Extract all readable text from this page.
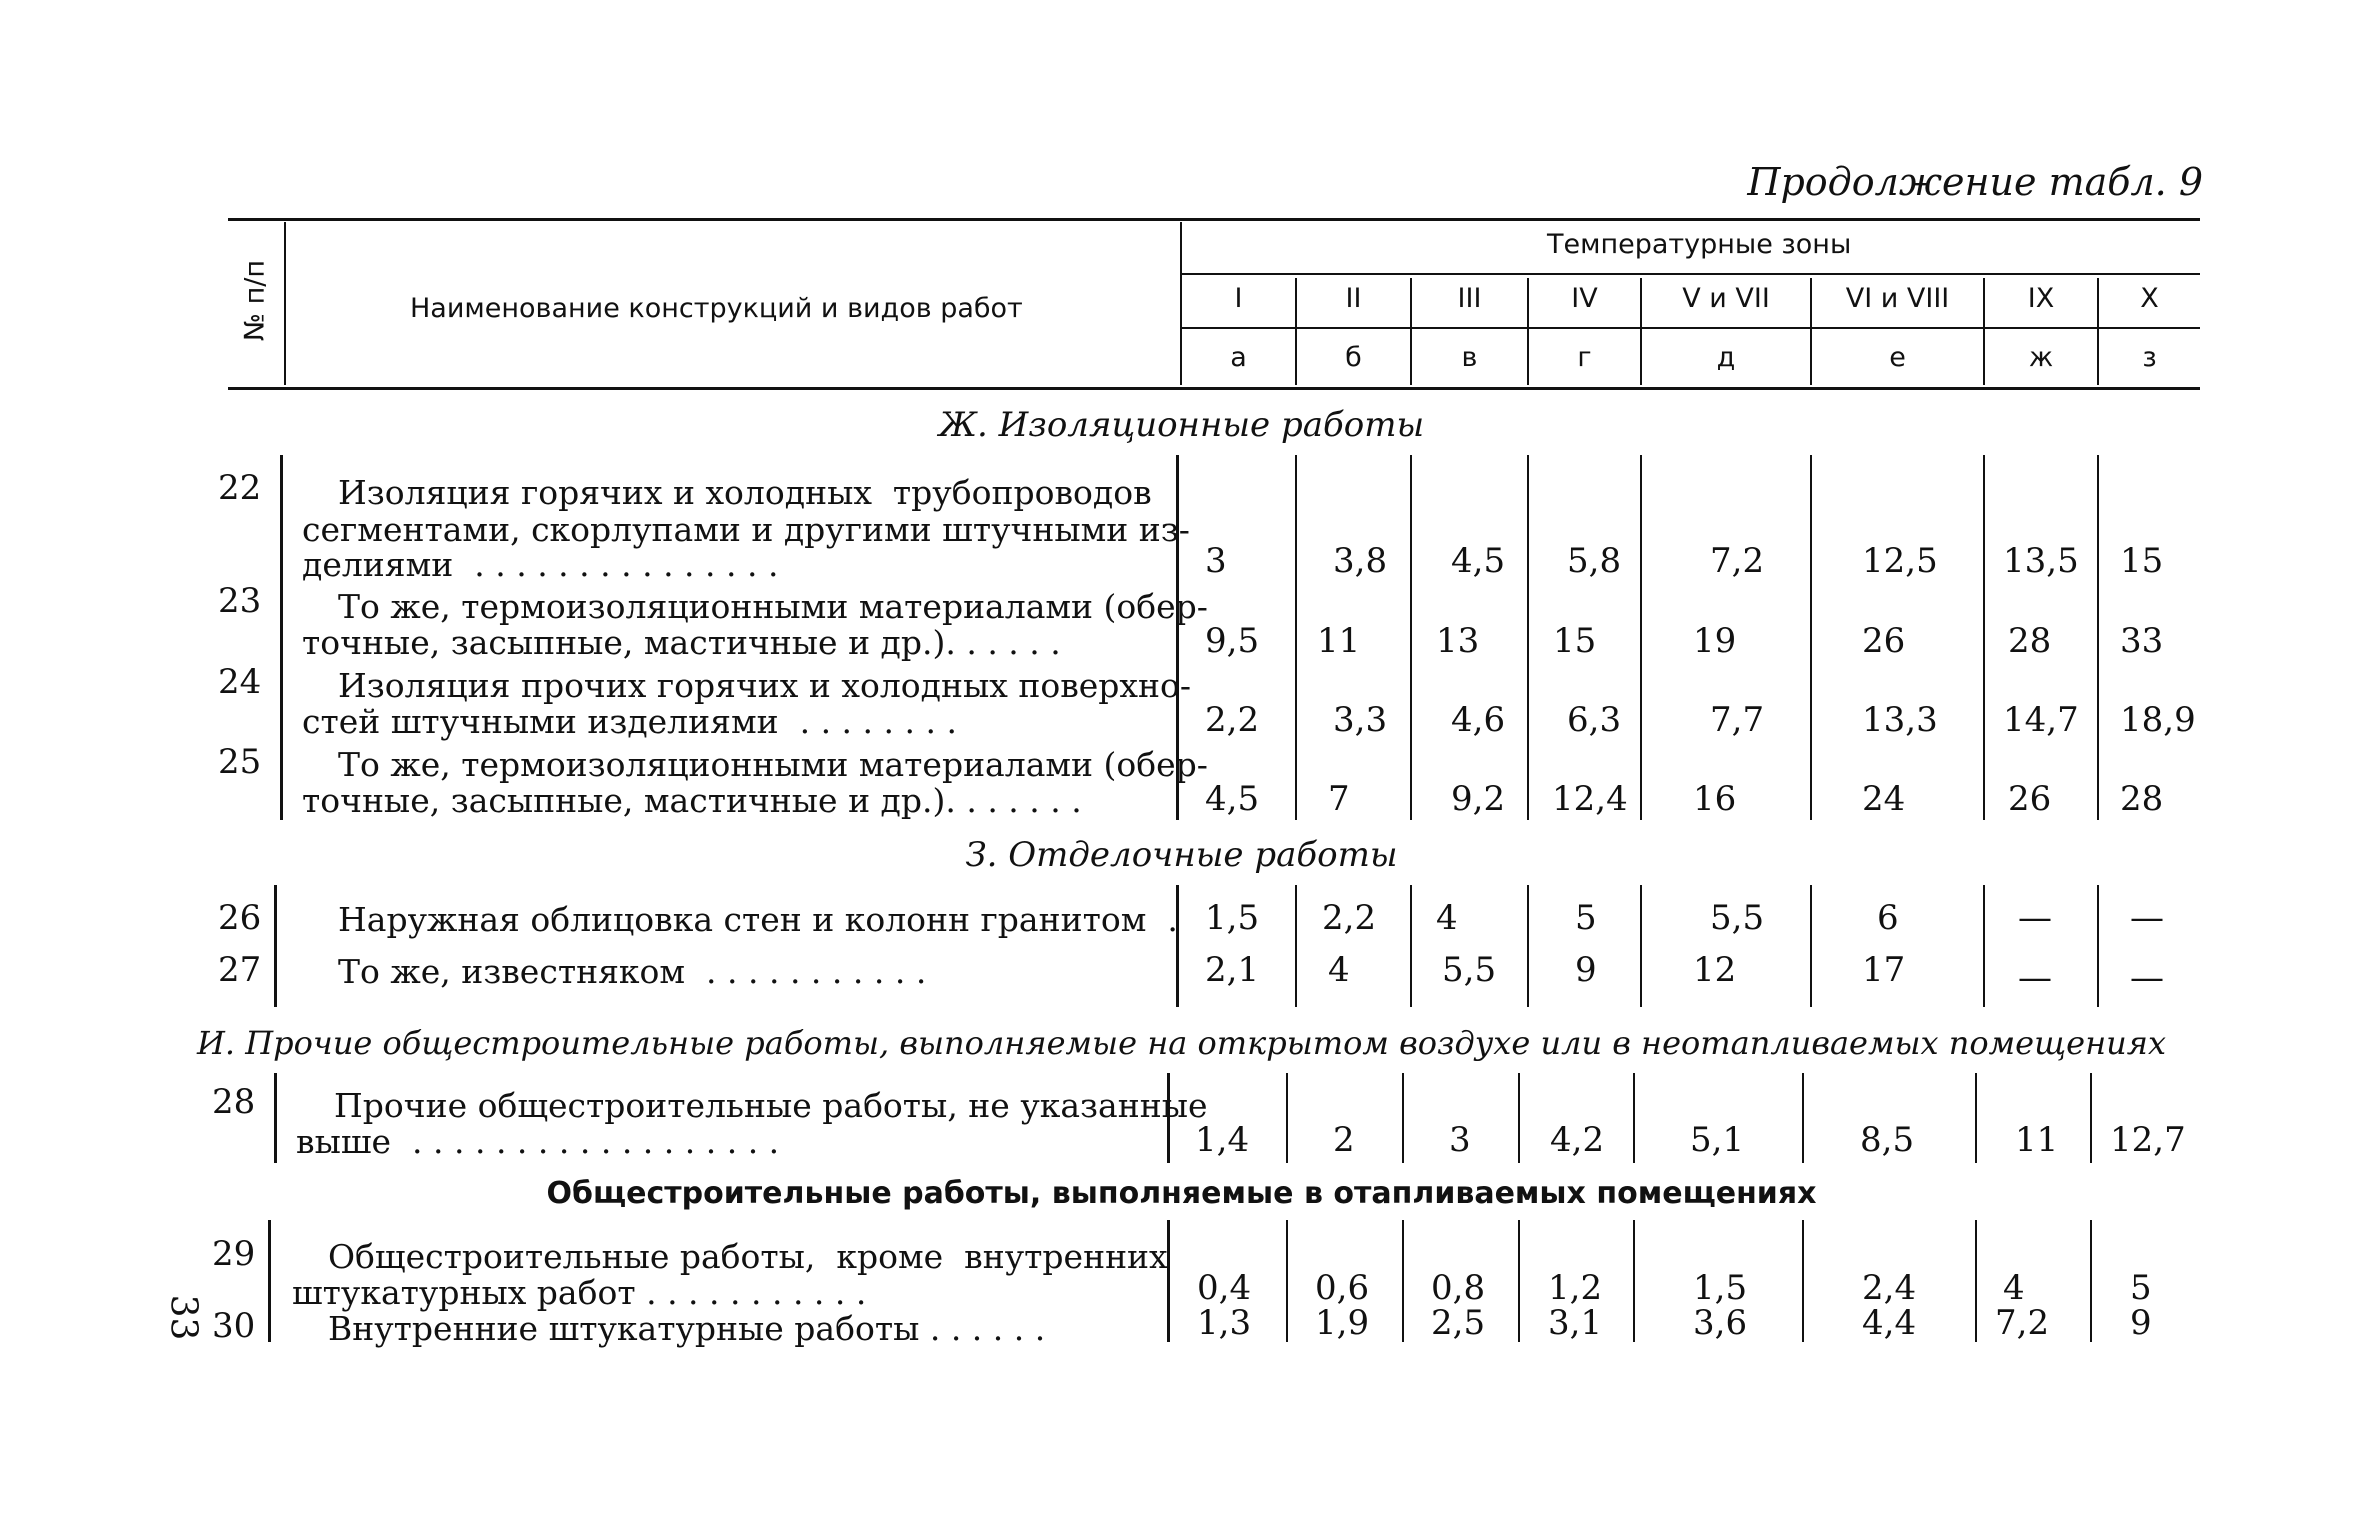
Продолжение табл. 9
№ п/п	Наименование конструкций и видов работ
Температурные зоны
I	II	III	IV	V и VII	VI и VIII	IX	X
а	б	в	г	д	е	ж	з
Ж. Изоляционные работы
22 Изоляция горячих и холодных  трубопроводов
сегментами, скорлупами и другими штучными из-
делиями  . . . . . . . . . . . . . . .	3	3,8 4,5 5,8	7,2	12,5 13,5 15
23 То же, термоизоляционными материалами (обер-
точные, засыпные, мастичные и др.). . . . . .	9,5 11 13 15	19	26	28 33
24 Изоляция прочих горячих и холодных поверхно-
стей штучными изделиями  . . . . . . . .	2,2 3,3 4,6 6,3	7,7	13,3 14,7 18,9
25 То же, термоизоляционными материалами (обер-
точные, засыпные, мастичные и др.). . . . . . .	4,5 7	9,2 12,4 16	24	26 28
З. Отделочные работы
26 Наружная облицовка стен и колонн гранитом  . 1,5 2,2 4	5	5,5	6	— —
27 То же, известняком  . . . . . . . . . . .	2,1 4	5,5 9	12	17	— —
И. Прочие общестроительные работы, выполняемые на открытом воздухе или в неотапливаемых помещениях
28 Прочие общестроительные работы, не указанные
выше  . . . . . . . . . . . . . . . . . .	1,4 2	3 4,2	5,1	8,5	11 12,7
Общестроительные работы, выполняемые в отапливаемых помещениях
29 Общестроительные работы,  кроме  внутренних
штукатурных работ . . . . . . . . . . .	0,4 0,6 0,8 1,2	1,5	2,4	4	5
30 Внутренние штукатурные работы . . . . . .	1,3 1,9 2,5 3,1	3,6	4,4 7,2 9
33
